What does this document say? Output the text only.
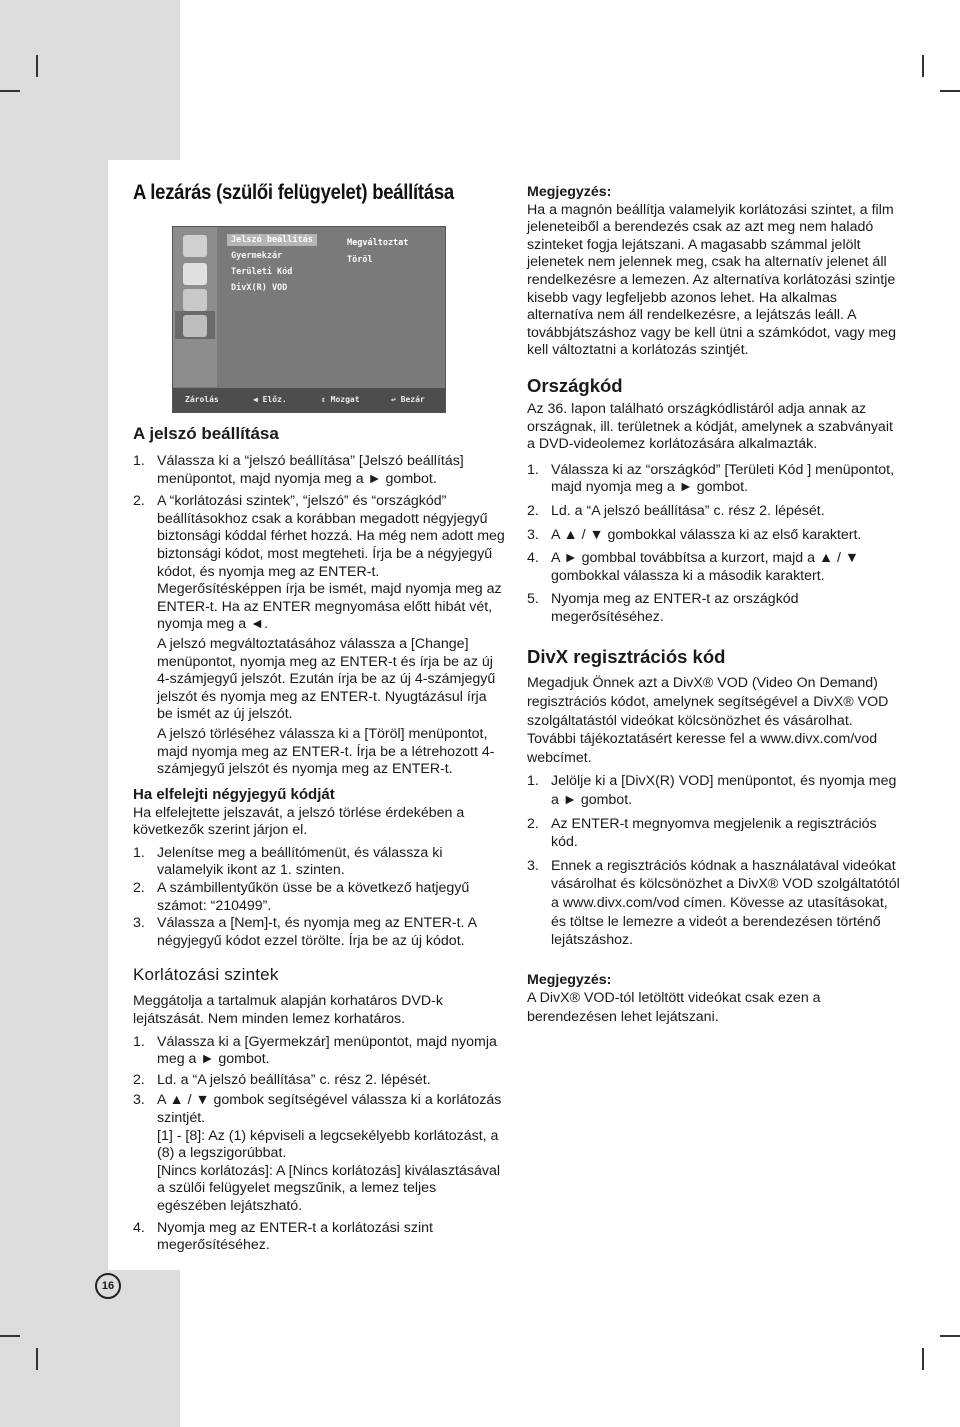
A lezárás (szülői felügyelet) beállítása
Jelszó beállítás
Gyermekzár
Területi Kód
DivX(R) VOD
Megváltoztat
Töröl
Zárolás	◀ Előz.	⇕ Mozgat	↩ Bezár
A jelszó beállítása
1. Válassza ki a “jelszó beállítása” [Jelszó beállítás] menüpontot, majd nyomja meg a ► gombot.
2. A “korlátozási szintek”, “jelszó” és “országkód” beállításokhoz csak a korábban megadott négyjegyű biztonsági kóddal férhet hozzá. Ha még nem adott meg biztonsági kódot, most megteheti. Írja be a négyjegyű kódot, és nyomja meg az ENTER-t. Megerősítésképpen írja be ismét, majd nyomja meg az ENTER-t. Ha az ENTER megnyomása előtt hibát vét, nyomja meg a ◄.

A jelszó megváltoztatásához válassza a [Change] menüpontot, nyomja meg az ENTER-t és írja be az új 4-számjegyű jelszót. Ezután írja be az új 4-számjegyű jelszót és nyomja meg az ENTER-t. Nyugtázásul írja be ismét az új jelszót.

A jelszó törléséhez válassza ki a [Töröl] menüpontot, majd nyomja meg az ENTER-t. Írja be a létrehozott 4-számjegyű jelszót és nyomja meg az ENTER-t.

Ha elfelejti négyjegyű kódját

Ha elfelejtette jelszavát, a jelszó törlése érdekében a következők szerint járjon el.

1. Jelenítse meg a beállítómenüt, és válassza ki valamelyik ikont az 1. szinten.
2. A számbillentyűkön üsse be a következő hatjegyű számot: “210499”.
3. Válassza a [Nem]-t, és nyomja meg az ENTER-t. A négyjegyű kódot ezzel törölte. Írja be az új kódot.
Korlátozási szintek

Meggátolja a tartalmuk alapján korhatáros DVD-k lejátszását. Nem minden lemez korhatáros.

1. Válassza ki a [Gyermekzár] menüpontot, majd nyomja meg a ► gombot.
2. Ld. a “A jelszó beállítása” c. rész 2. lépését.
3. A ▲ / ▼ gombok segítségével válassza ki a korlátozás szintjét.

[1] - [8]: Az (1) képviseli a legcsekélyebb korlátozást, a (8) a legszigorúbbat.

[Nincs korlátozás]: A [Nincs korlátozás] kiválasztásával a szülői felügyelet megszűnik, a lemez teljes egészében lejátszható.

4. Nyomja meg az ENTER-t a korlátozási szint megerősítéséhez.

Megjegyzés:

Ha a magnón beállítja valamelyik korlátozási szintet, a film jeleneteiből a berendezés csak az azt meg nem haladó szinteket fogja lejátszani. A magasabb számmal jelölt jelenetek nem jelennek meg, csak ha alternatív jelenet áll rendelkezésre a lemezen. Az alternatíva korlátozási szintje kisebb vagy legfeljebb azonos lehet. Ha alkalmas alternatíva nem áll rendelkezésre, a lejátszás leáll. A továbbjátszáshoz vagy be kell ütni a számkódot, vagy meg kell változtatni a korlátozás szintjét.

Országkód

Az 36. lapon található országkódlistáról adja annak az országnak, ill. területnek a kódját, amelynek a szabványait a DVD-videolemez korlátozására alkalmazták.

1. Válassza ki az “országkód” [Területi Kód ] menüpontot, majd nyomja meg a ► gombot.
2. Ld. a “A jelszó beállítása” c. rész 2. lépését.
3. A ▲ / ▼ gombokkal válassza ki az első karaktert.
4. A ► gombbal továbbítsa a kurzort, majd a ▲ / ▼ gombokkal válassza ki a második karaktert.
5. Nyomja meg az ENTER-t az országkód megerősítéséhez.
DivX regisztrációs kód

Megadjuk Önnek azt a DivX® VOD (Video On Demand) regisztrációs kódot, amelynek segítségével a DivX® VOD szolgáltatástól videókat kölcsönözhet és vásárolhat. További tájékoztatásért keresse fel a www.divx.com/vod webcímet.

1. Jelölje ki a [DivX(R) VOD] menüpontot, és nyomja meg a ► gombot.
2. Az ENTER-t megnyomva megjelenik a regisztrációs kód.
3. Ennek a regisztrációs kódnak a használatával videókat vásárolhat és kölcsönözhet a DivX® VOD szolgáltatótól a www.divx.com/vod címen. Kövesse az utasításokat, és töltse le lemezre a videót a berendezésen történő lejátszáshoz.

Megjegyzés:

A DivX® VOD-tól letöltött videókat csak ezen a berendezésen lehet lejátszani.

16
